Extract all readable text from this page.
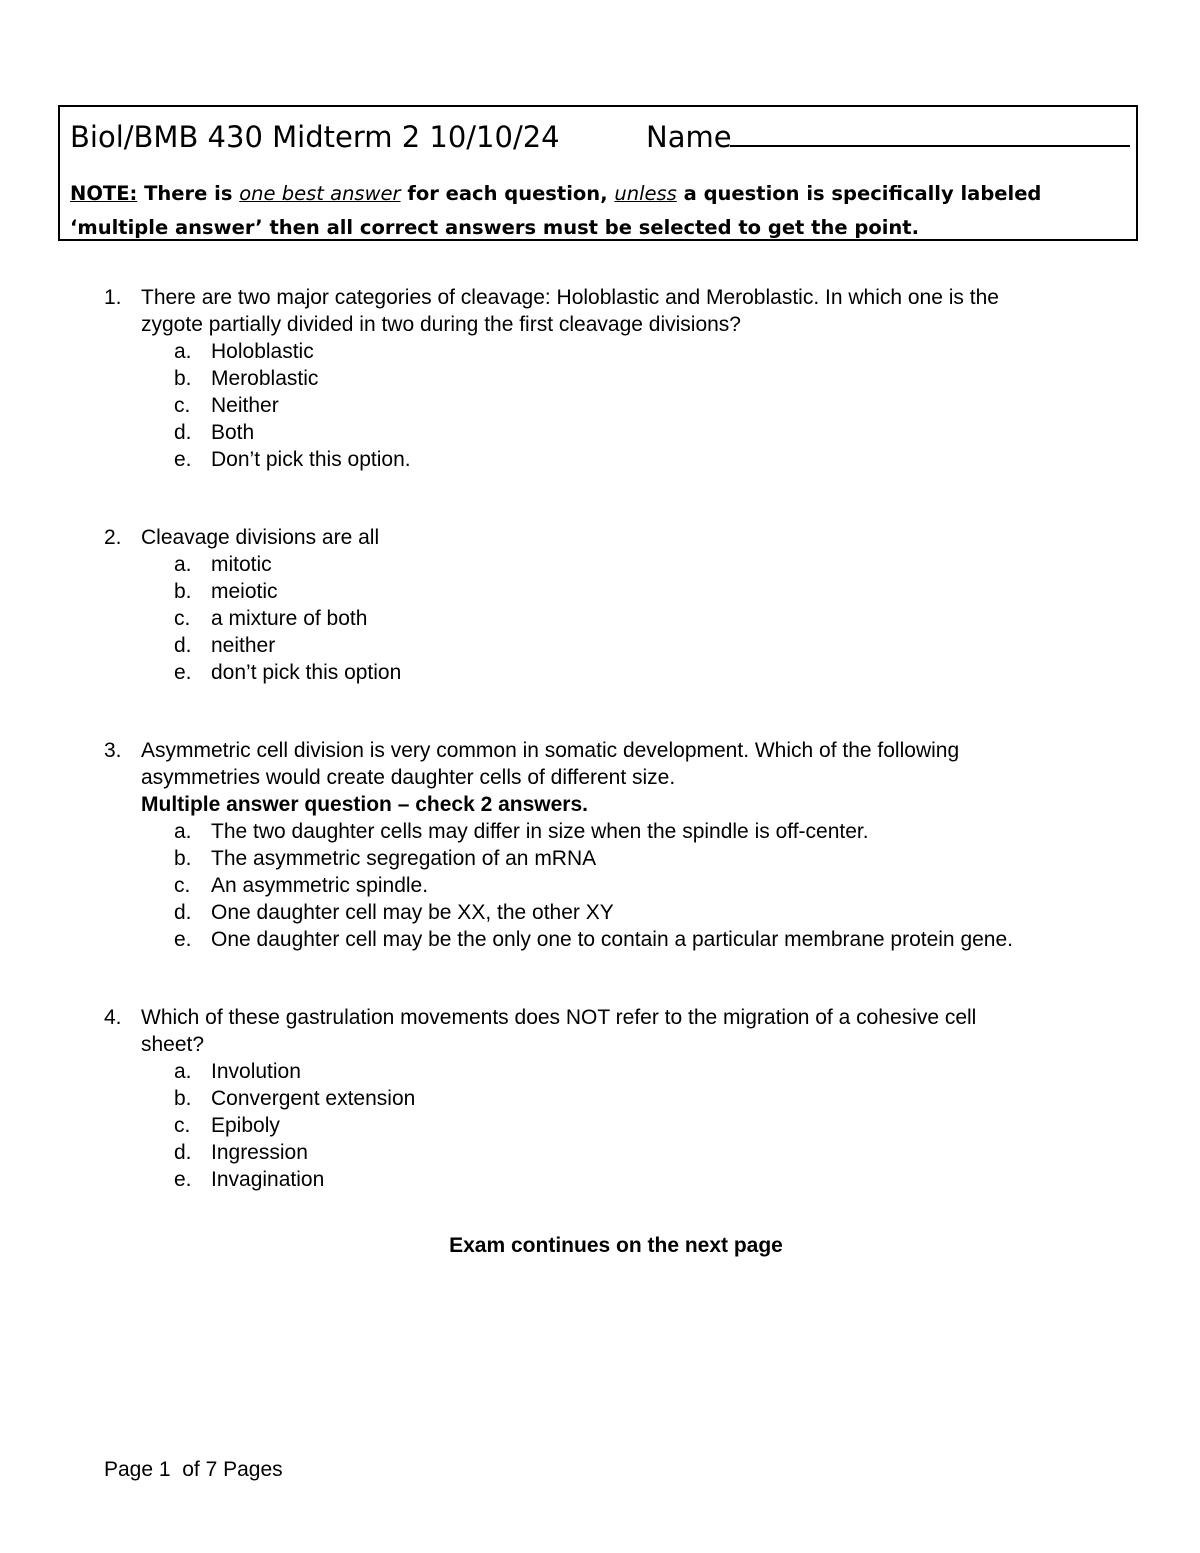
Biol/BMB 430 Midterm 2 10/10/24	Name
NOTE: There is one best answer for each question, unless a question is specifically labeled
‘multiple answer’ then all correct answers must be selected to get the point.
1. There are two major categories of cleavage: Holoblastic and Meroblastic. In which one is the
zygote partially divided in two during the first cleavage divisions?
a. Holoblastic
b. Meroblastic
c. Neither
d. Both
e. Don’t pick this option.
2. Cleavage divisions are all
a. mitotic
b. meiotic
c. a mixture of both
d. neither
e. don’t pick this option
3. Asymmetric cell division is very common in somatic development. Which of the following
asymmetries would create daughter cells of different size.
Multiple answer question – check 2 answers.
a. The two daughter cells may differ in size when the spindle is off-center.
b. The asymmetric segregation of an mRNA
c. An asymmetric spindle.
d. One daughter cell may be XX, the other XY
e. One daughter cell may be the only one to contain a particular membrane protein gene.
4. Which of these gastrulation movements does NOT refer to the migration of a cohesive cell
sheet?
a. Involution
b. Convergent extension
c. Epiboly
d. Ingression
e. Invagination
Exam continues on the next page
Page 1  of 7 Pages
